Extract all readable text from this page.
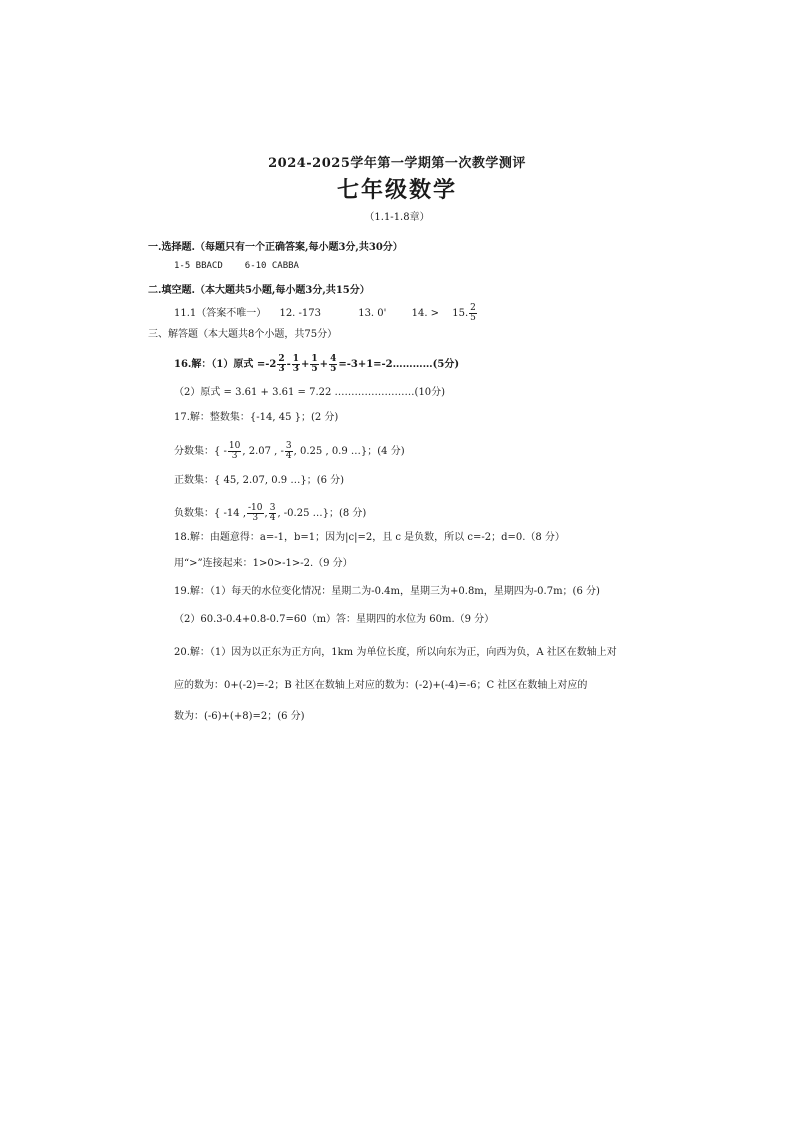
2024-2025学年第一学期第一次教学测评
七年级数学
（1.1-1.8章）
一.选择题.（每题只有一个正确答案,每小题3分,共30分）
1-5 BBACD 6-10 CABBA
二.填空题.（本大题共5小题,每小题3分,共15分）
11.1（答案不唯一） 12. -173	13. 0'	14. > 15. $\frac{2}{5}$
三、解答题（本大题共8个小题，共75分）
16.解：（1）原式 $=-2 \frac{2}{3} - \frac{1}{3} + \frac{1}{5} + \frac{4}{5}$ =-3+1=-2…………(5分)
（2）原式 = 3.61 + 3.61 = 7.22 ……………………(10分)
17.解：整数集：{-14, 45 }；(2 分)
分数集：{ - $\frac{10}{3}$ , 2.07 , - $\frac{3}{4}$ , 0.25 , 0.9 …}；(4 分)
正数集：{ 45, 2.07, 0.9 …}；(6 分)
负数集：{ -14 , $\frac{-10}{3}$ , $\frac{3}{4}$ , -0.25 …}；(8 分)
18.解：由题意得：a=-1，b=1；因为|c|=2，且 c 是负数，所以 c=-2；d=0.（8 分）
用“>”连接起来：1>0>-1>-2.（9 分）
19.解：（1）每天的水位变化情况：星期二为-0.4m，星期三为+0.8m，星期四为-0.7m；(6 分)
（2）60.3-0.4+0.8-0.7=60（m）答：星期四的水位为 60m.（9 分）
20.解：（1）因为以正东为正方向，1km 为单位长度，所以向东为正，向西为负，A 社区在数轴上对
应的数为：0+(-2)=-2；B 社区在数轴上对应的数为：(-2)+(-4)=-6；C 社区在数轴上对应的
数为：(-6)+(+8)=2；(6 分)
